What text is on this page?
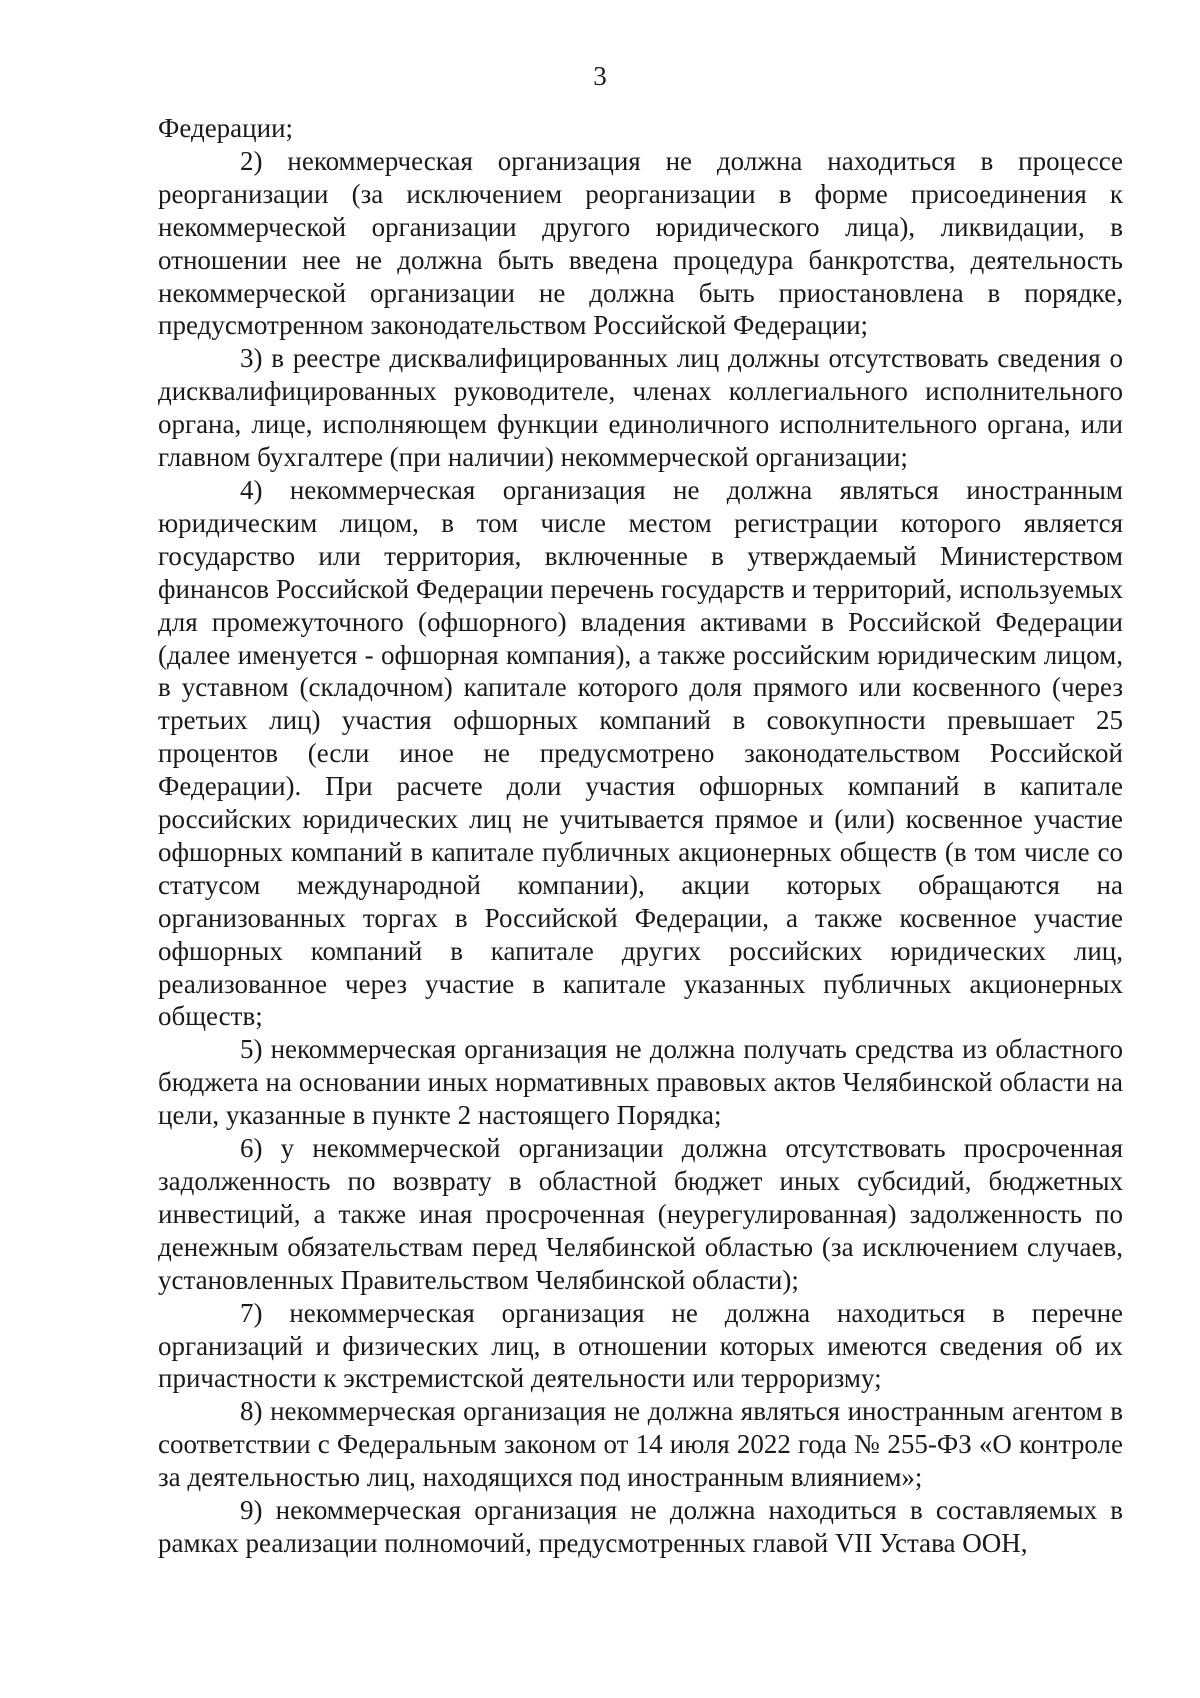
3

Федерации;

2) некоммерческая организация не должна находиться в процессе реорганизации (за исключением реорганизации в форме присоединения к некоммерческой организации другого юридического лица), ликвидации, в отношении нее не должна быть введена процедура банкротства, деятельность некоммерческой организации не должна быть приостановлена в порядке, предусмотренном законодательством Российской Федерации;

3) в реестре дисквалифицированных лиц должны отсутствовать сведения о дисквалифицированных руководителе, членах коллегиального исполнительного органа, лице, исполняющем функции единоличного исполнительного органа, или главном бухгалтере (при наличии) некоммерческой организации;

4) некоммерческая организация не должна являться иностранным юридическим лицом, в том числе местом регистрации которого является государство или территория, включенные в утверждаемый Министерством финансов Российской Федерации перечень государств и территорий, используемых для промежуточного (офшорного) владения активами в Российской Федерации (далее именуется - офшорная компания), а также российским юридическим лицом, в уставном (складочном) капитале которого доля прямого или косвенного (через третьих лиц) участия офшорных компаний в совокупности превышает 25 процентов (если иное не предусмотрено законодательством Российской Федерации). При расчете доли участия офшорных компаний в капитале российских юридических лиц не учитывается прямое и (или) косвенное участие офшорных компаний в капитале публичных акционерных обществ (в том числе со статусом международной компании), акции которых обращаются на организованных торгах в Российской Федерации, а также косвенное участие офшорных компаний в капитале других российских юридических лиц, реализованное через участие в капитале указанных публичных акционерных обществ;

5) некоммерческая организация не должна получать средства из областного бюджета на основании иных нормативных правовых актов Челябинской области на цели, указанные в пункте 2 настоящего Порядка;

6) у некоммерческой организации должна отсутствовать просроченная задолженность по возврату в областной бюджет иных субсидий, бюджетных инвестиций, а также иная просроченная (неурегулированная) задолженность по денежным обязательствам перед Челябинской областью (за исключением случаев, установленных Правительством Челябинской области);

7) некоммерческая организация не должна находиться в перечне организаций и физических лиц, в отношении которых имеются сведения об их причастности к экстремистской деятельности или терроризму;

8) некоммерческая организация не должна являться иностранным агентом в соответствии с Федеральным законом от 14 июля 2022 года № 255-ФЗ «О контроле за деятельностью лиц, находящихся под иностранным влиянием»;

9) некоммерческая организация не должна находиться в составляемых в рамках реализации полномочий, предусмотренных главой VII Устава ООН,
